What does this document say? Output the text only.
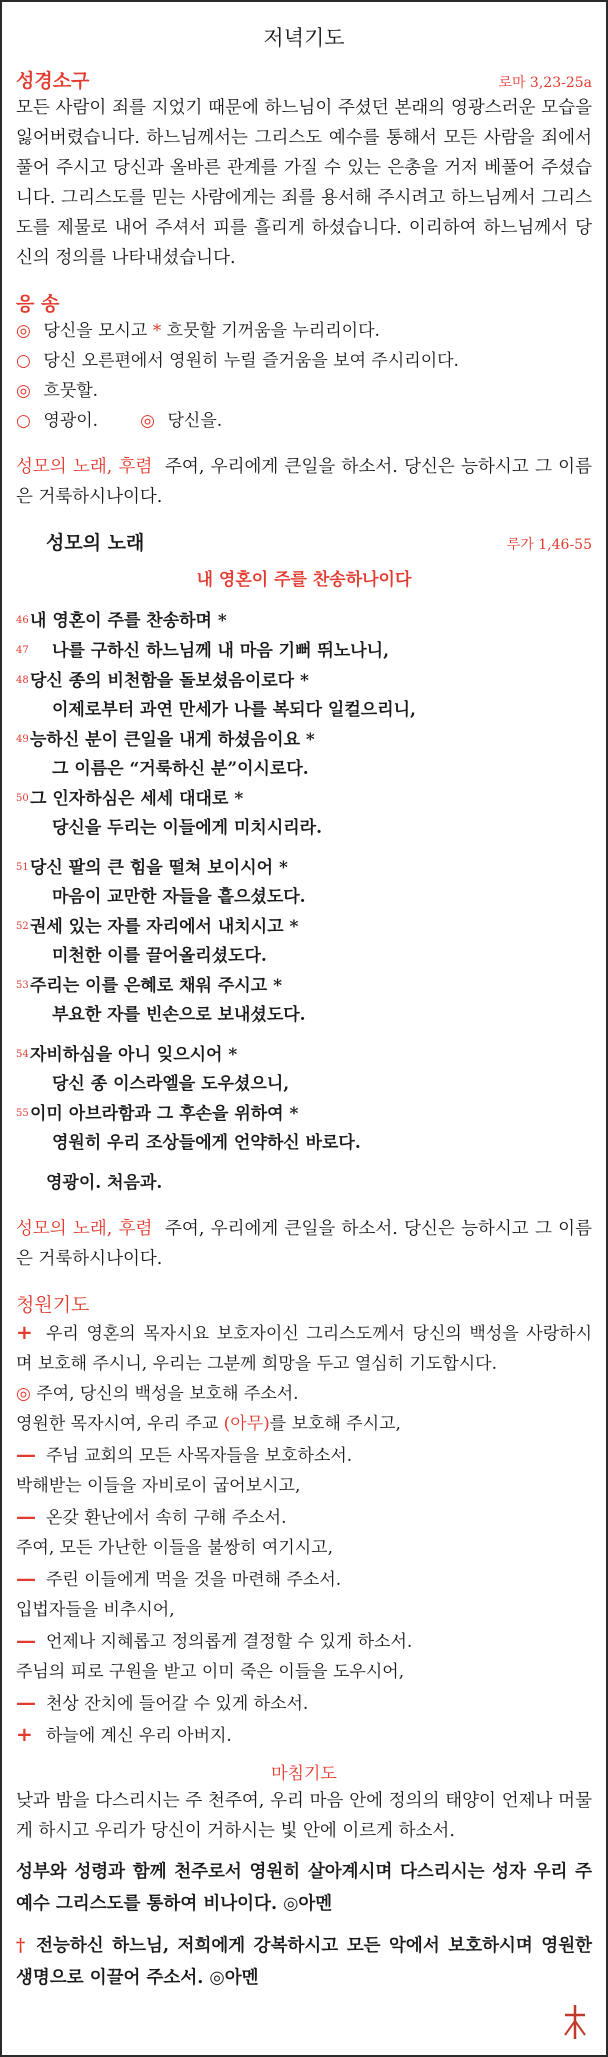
저녁기도
성경소구	로마 3,23-25a

모든 사람이 죄를 지었기 때문에 하느님이 주셨던 본래의 영광스러운 모습을 잃어버렸습니다. 하느님께서는 그리스도 예수를 통해서 모든 사람을 죄에서 풀어 주시고 당신과 올바른 관계를 가질 수 있는 은총을 거저 베풀어 주셨습니다. 그리스도를 믿는 사람에게는 죄를 용서해 주시려고 하느님께서 그리스도를 제물로 내어 주셔서 피를 흘리게 하셨습니다. 이리하여 하느님께서 당신의 정의를 나타내셨습니다.

응 송
◎ 당신을 모시고 * 흐뭇할 기꺼움을 누리리이다.
○ 당신 오른편에서 영원히 누릴 즐거움을 보여 주시리이다.
◎ 흐뭇할.
○ 영광이. ◎ 당신을.

성모의 노래, 후렴 주여, 우리에게 큰일을 하소서. 당신은 능하시고 그 이름은 거룩하시나이다.

성모의 노래	루가 1,46-55
내 영혼이 주를 찬송하나이다
46내 영혼이 주를 찬송하며 *
47 나를 구하신 하느님께 내 마음 기뻐 뛰노나니,
48당신 종의 비천함을 돌보셨음이로다 *
이제로부터 과연 만세가 나를 복되다 일컬으리니,
49능하신 분이 큰일을 내게 하셨음이요 *
그 이름은 “거룩하신 분”이시로다.
50그 인자하심은 세세 대대로 *
당신을 두리는 이들에게 미치시리라.
51당신 팔의 큰 힘을 떨쳐 보이시어 *
마음이 교만한 자들을 흩으셨도다.
52권세 있는 자를 자리에서 내치시고 *
미천한 이를 끌어올리셨도다.
53주리는 이를 은혜로 채워 주시고 *
부요한 자를 빈손으로 보내셨도다.
54자비하심을 아니 잊으시어 *
당신 종 이스라엘을 도우셨으니,
55이미 아브라함과 그 후손을 위하여 *
영원히 우리 조상들에게 언약하신 바로다.
영광이. 처음과.

성모의 노래, 후렴 주여, 우리에게 큰일을 하소서. 당신은 능하시고 그 이름은 거룩하시나이다.

청원기도

+ 우리 영혼의 목자시요 보호자이신 그리스도께서 당신의 백성을 사랑하시며 보호해 주시니, 우리는 그분께 희망을 두고 열심히 기도합시다.

◎ 주여, 당신의 백성을 보호해 주소서.
영원한 목자시여, 우리 주교 (아무)를 보호해 주시고,
— 주님 교회의 모든 사목자들을 보호하소서.
박해받는 이들을 자비로이 굽어보시고,
— 온갖 환난에서 속히 구해 주소서.
주여, 모든 가난한 이들을 불쌍히 여기시고,
— 주린 이들에게 먹을 것을 마련해 주소서.
입법자들을 비추시어,
— 언제나 지혜롭고 정의롭게 결정할 수 있게 하소서.
주님의 피로 구원을 받고 이미 죽은 이들을 도우시어,
— 천상 잔치에 들어갈 수 있게 하소서.
+ 하늘에 계신 우리 아버지.
마침기도

낮과 밤을 다스리시는 주 천주여, 우리 마음 안에 정의의 태양이 언제나 머물게 하시고 우리가 당신이 거하시는 빛 안에 이르게 하소서.

성부와 성령과 함께 천주로서 영원히 살아계시며 다스리시는 성자 우리 주 예수 그리스도를 통하여 비나이다. ◎아멘

† 전능하신 하느님, 저희에게 강복하시고 모든 악에서 보호하시며 영원한 생명으로 이끌어 주소서. ◎아멘
